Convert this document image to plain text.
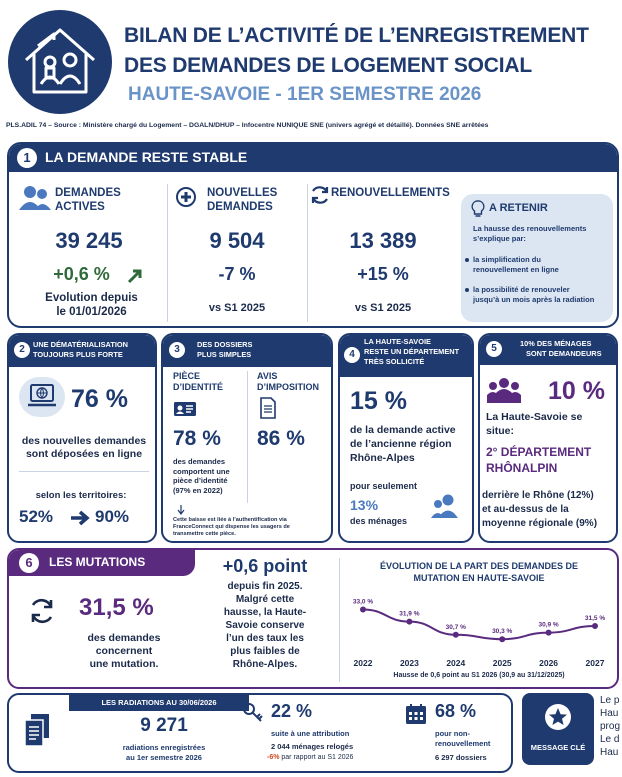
BILAN DE L’ACTIVITÉ DE L’ENREGISTREMENT
DES DEMANDES DE LOGEMENT SOCIAL
HAUTE-SAVOIE - 1ER SEMESTRE 2026
PLS.ADIL 74 – Source : Ministère chargé du Logement – DGALN/DHUP – Infocentre NUNIQUE SNE (univers agrégé et détaillé). Données SNE arrêtées
1	LA DEMANDE RESTE STABLE
DEMANDES
ACTIVES
39 245
+0,6 %
Evolution depuis
le 01/01/2026
NOUVELLES
DEMANDES
9 504
-7 %
vs S1 2025
RENOUVELLEMENTS
13 389
+15 %
vs S1 2025
A RETENIR
La hausse des renouvellements
s’explique par:
la simplification du
renouvellement en ligne
la possibilité de renouveler
jusqu’à un mois après la radiation
2	UNE DÉMATÉRIALISATION
TOUJOURS PLUS FORTE
76 %
des nouvelles demandes
sont déposées en ligne
selon les territoires:
52% 90%
3	DES DOSSIERS
PLUS SIMPLES
PIÈCE
D’IDENTITÉ
78 %
des demandes
comportent une
pièce d’identité
(97% en 2022)
AVIS
D’IMPOSITION
86 %
Cette baisse est liée à l’authentification via
FranceConnect qui dispense les usagers de
transmettre cette pièce.
4
LA HAUTE-SAVOIE
RESTE UN DÉPARTEMENT
TRÈS SOLLICITÉ
15 %
de la demande active
de l’ancienne région
Rhône-Alpes
pour seulement
13%
des ménages
5	10% DES MÉNAGES
SONT DEMANDEURS
10 %
La Haute-Savoie se
situe:
2° DÉPARTEMENT
RHÔNALPIN
derrière le Rhône (12%)
et au-dessus de la
moyenne régionale (9%)
6	LES MUTATIONS
31,5 %
des demandes
concernent
une mutation.
+0,6 point
depuis fin 2025.
Malgré cette
hausse, la Haute-
Savoie conserve
l’un des taux les
plus faibles de
Rhône-Alpes.
ÉVOLUTION DE LA PART DES DEMANDES DE
MUTATION EN HAUTE-SAVOIE
33,0 %
2022
31,9 %
2023
30,7 %
2024
30,3 %
2025
30,9 %
2026
31,5 %
2027
Hausse de 0,6 point au S1 2026 (30,9 au 31/12/2025)
LES RADIATIONS AU 30/06/2026
9 271
radiations enregistrées
au 1er semestre 2026
22 %
suite à une attribution
2 044 ménages relogés
-6% par rapport au S1 2026
68 %
pour non-
renouvellement
6 297 dossiers
MESSAGE CLÉ
Le p
Hau
prog
Le d
Hau
